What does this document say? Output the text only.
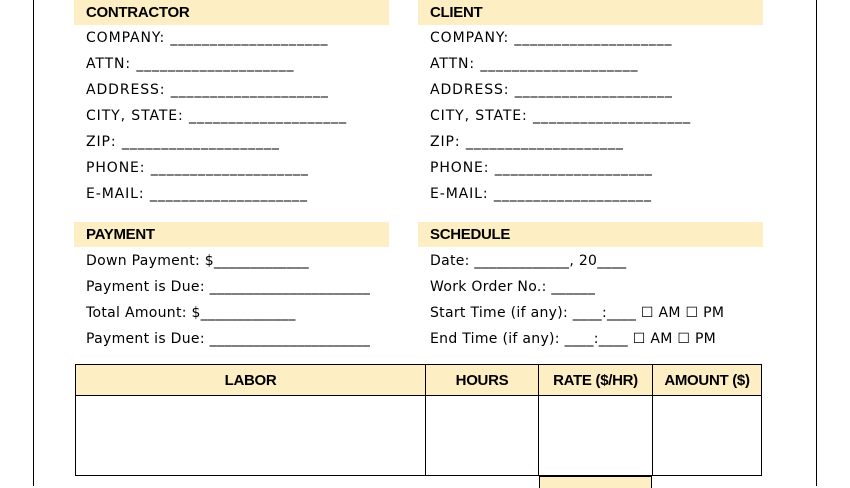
CONTRACTOR
COMPANY: ____________________
ATTN: ____________________
ADDRESS: ____________________
CITY, STATE: ____________________
ZIP: ____________________
PHONE: ____________________
E-MAIL: ____________________
CLIENT
COMPANY: ____________________
ATTN: ____________________
ADDRESS: ____________________
CITY, STATE: ____________________
ZIP: ____________________
PHONE: ____________________
E-MAIL: ____________________
PAYMENT
Down Payment: $_____________
Payment is Due: ______________________
Total Amount: $_____________
Payment is Due: ______________________
SCHEDULE
Date: _____________, 20____
Work Order No.: ______
Start Time (if any): ____:____ ☐ AM ☐ PM
End Time (if any): ____:____ ☐ AM ☐ PM
LABOR	HOURS	RATE ($/HR)	AMOUNT ($)
